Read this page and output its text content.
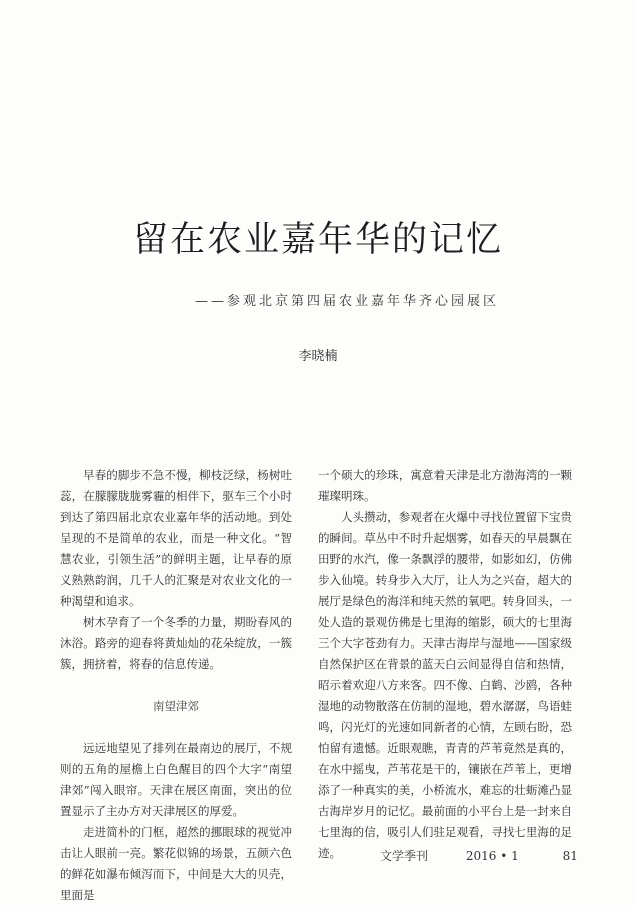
留在农业嘉年华的记忆
——参观北京第四届农业嘉年华齐心园展区
李晓楠

早春的脚步不急不慢，柳枝泛绿，杨树吐蕊，在朦朦胧胧雾霾的相伴下，驱车三个小时到达了第四届北京农业嘉年华的活动地。到处呈现的不是简单的农业，而是一种文化。“智慧农业，引领生活”的鲜明主题，让早春的原义熟熟韵润，几千人的汇聚是对农业文化的一种渴望和追求。

树木孕育了一个冬季的力量，期盼春风的沐浴。路旁的迎春将黄灿灿的花朵绽放，一簇簇，拥挤着，将春的信息传递。

南望津郊

远远地望见了排列在最南边的展厅，不规则的五角的屋檐上白色醒目的四个大字“南望津郊”闯入眼帘。天津在展区南面，突出的位置显示了主办方对天津展区的厚爱。

走进简朴的门框，超然的挪眼球的视觉冲击让人眼前一亮。繁花似锦的场景，五颜六色的鲜花如瀑布倾泻而下，中间是大大的贝壳，里面是

一个硕大的珍珠，寓意着天津是北方渤海湾的一颗璀璨明珠。

人头攒动，参观者在火爆中寻找位置留下宝贵的瞬间。草丛中不时升起烟雾，如春天的早晨飘在田野的水汽，像一条飘浮的腰带，如影如幻，仿佛步入仙境。转身步入大厅，让人为之兴奋，超大的展厅是绿色的海洋和纯天然的氧吧。转身回头，一处人造的景观仿佛是七里海的缩影，硕大的七里海三个大字苍劲有力。天津古海岸与湿地——国家级自然保护区在背景的蓝天白云间显得自信和热情，昭示着欢迎八方来客。四不像、白鹤、沙鸥，各种湿地的动物散落在仿制的湿地，碧水潺潺，鸟语蛙鸣，闪光灯的光速如同新者的心情，左顾右盼，恐怕留有遗憾。近眼观瞧，青青的芦苇竟然是真的，在水中摇曳，芦苇花是干的，镶嵌在芦苇上，更增添了一种真实的美，小桥流水，难忘的壮蛎滩凸显古海岸岁月的记忆。最前面的小平台上是一封来自七里海的信，吸引人们驻足观看，寻找七里海的足迹。	文学季刊	2016 • 1	81
